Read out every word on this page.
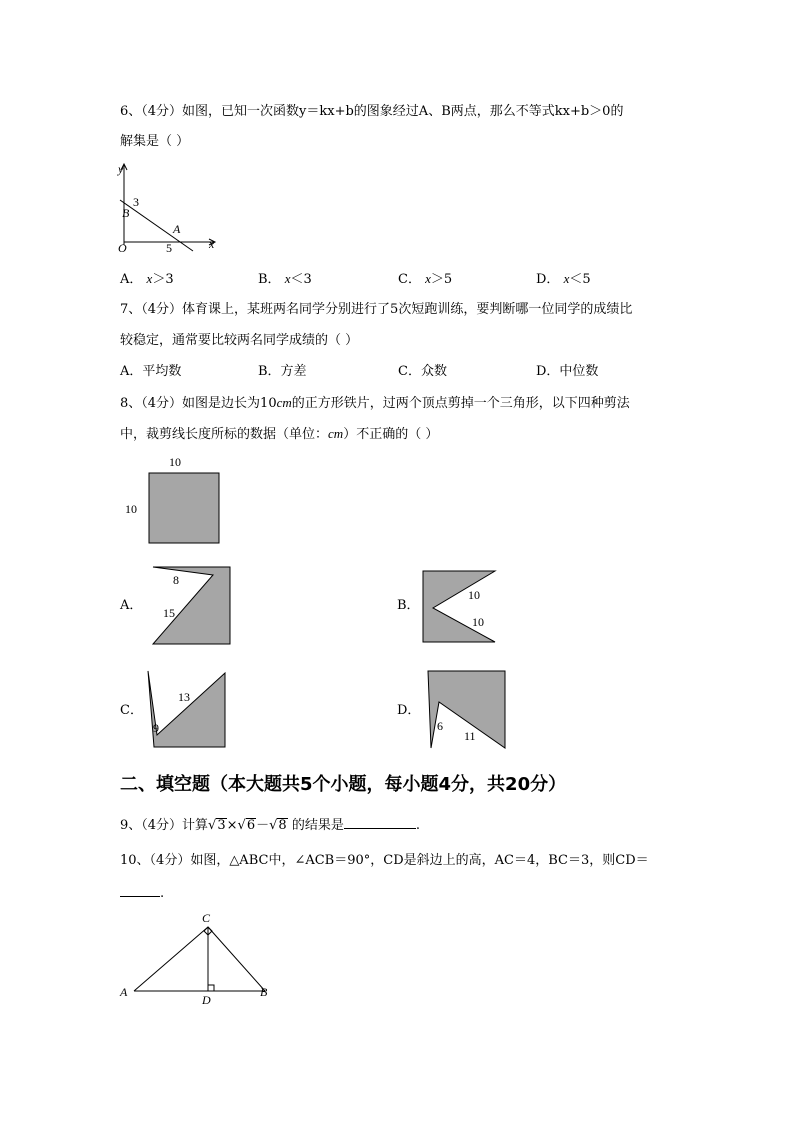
6、（4分）如图，已知一次函数y＝kx+b的图象经过A、B两点，那么不等式kx+b＞0的
解集是（ ）
y
x
O
B
A
3
5
A． x＞3	B． x＜3	C． x＞5	D． x＜5
7、（4分）体育课上，某班两名同学分别进行了5次短跑训练，要判断哪一位同学的成绩比
较稳定，通常要比较两名同学成绩的（ ）
A．平均数	B．方差	C．众数	D．中位数
8、（4分）如图是边长为10cm的正方形铁片，过两个顶点剪掉一个三角形，以下四种剪法
中，裁剪线长度所标的数据（单位：cm）不正确的（ ）
10
10
A．
8
15	B．
10
10
C．
9
13
D．
6
11
二、填空题（本大题共5个小题，每小题4分，共20分）
9、（4分）计算√3×√6－√8 的结果是	.
10、（4分）如图，△ABC中，∠ACB＝90°，CD是斜边上的高，AC＝4，BC＝3，则CD＝
.
A	B
C
D
